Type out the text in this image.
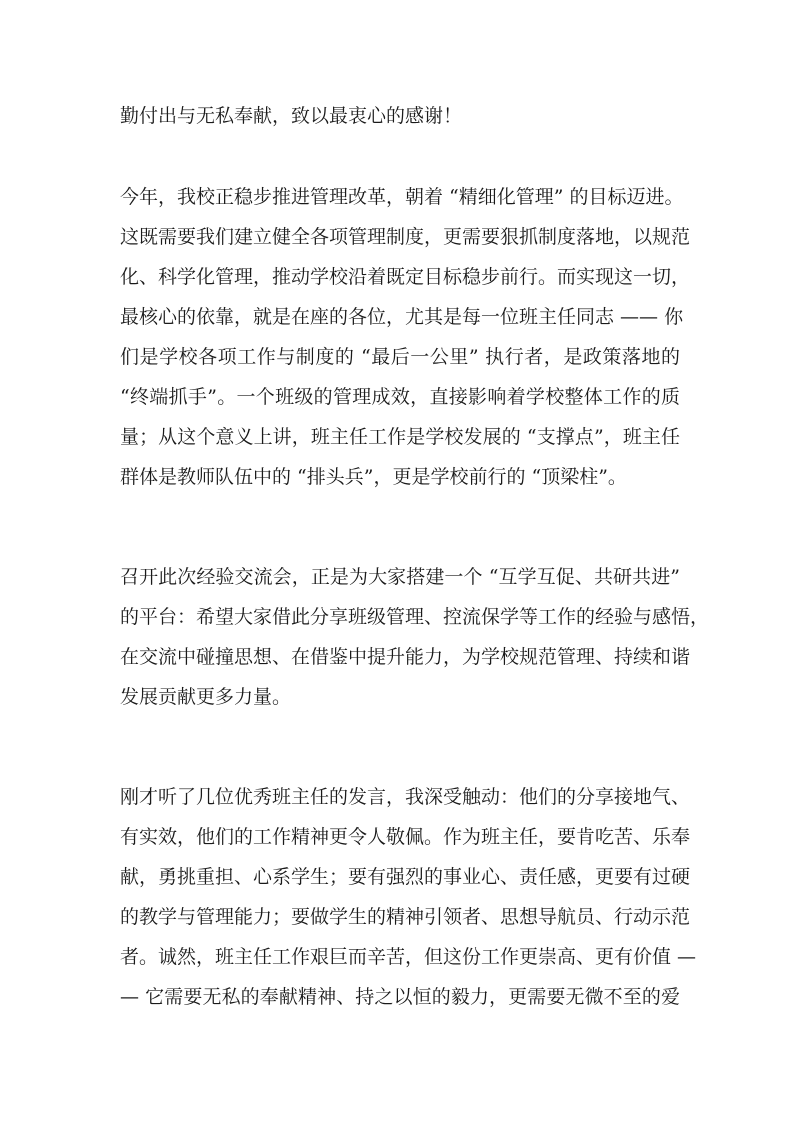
勤付出与无私奉献，致以最衷心的感谢！

今年，我校正稳步推进管理改革，朝着 “精细化管理” 的目标迈进。

这既需要我们建立健全各项管理制度，更需要狠抓制度落地，以规范

化、科学化管理，推动学校沿着既定目标稳步前行。而实现这一切，

最核心的依靠，就是在座的各位，尤其是每一位班主任同志 —— 你

们是学校各项工作与制度的 “最后一公里” 执行者，是政策落地的

“终端抓手”。一个班级的管理成效，直接影响着学校整体工作的质

量；从这个意义上讲，班主任工作是学校发展的 “支撑点”，班主任

群体是教师队伍中的 “排头兵”，更是学校前行的 “顶梁柱”。

召开此次经验交流会，正是为大家搭建一个 “互学互促、共研共进”

的平台：希望大家借此分享班级管理、控流保学等工作的经验与感悟，

在交流中碰撞思想、在借鉴中提升能力，为学校规范管理、持续和谐

发展贡献更多力量。

刚才听了几位优秀班主任的发言，我深受触动：他们的分享接地气、

有实效，他们的工作精神更令人敬佩。作为班主任，要肯吃苦、乐奉

献，勇挑重担、心系学生；要有强烈的事业心、责任感，更要有过硬

的教学与管理能力；要做学生的精神引领者、思想导航员、行动示范

者。诚然，班主任工作艰巨而辛苦，但这份工作更崇高、更有价值 —

— 它需要无私的奉献精神、持之以恒的毅力，更需要无微不至的爱
